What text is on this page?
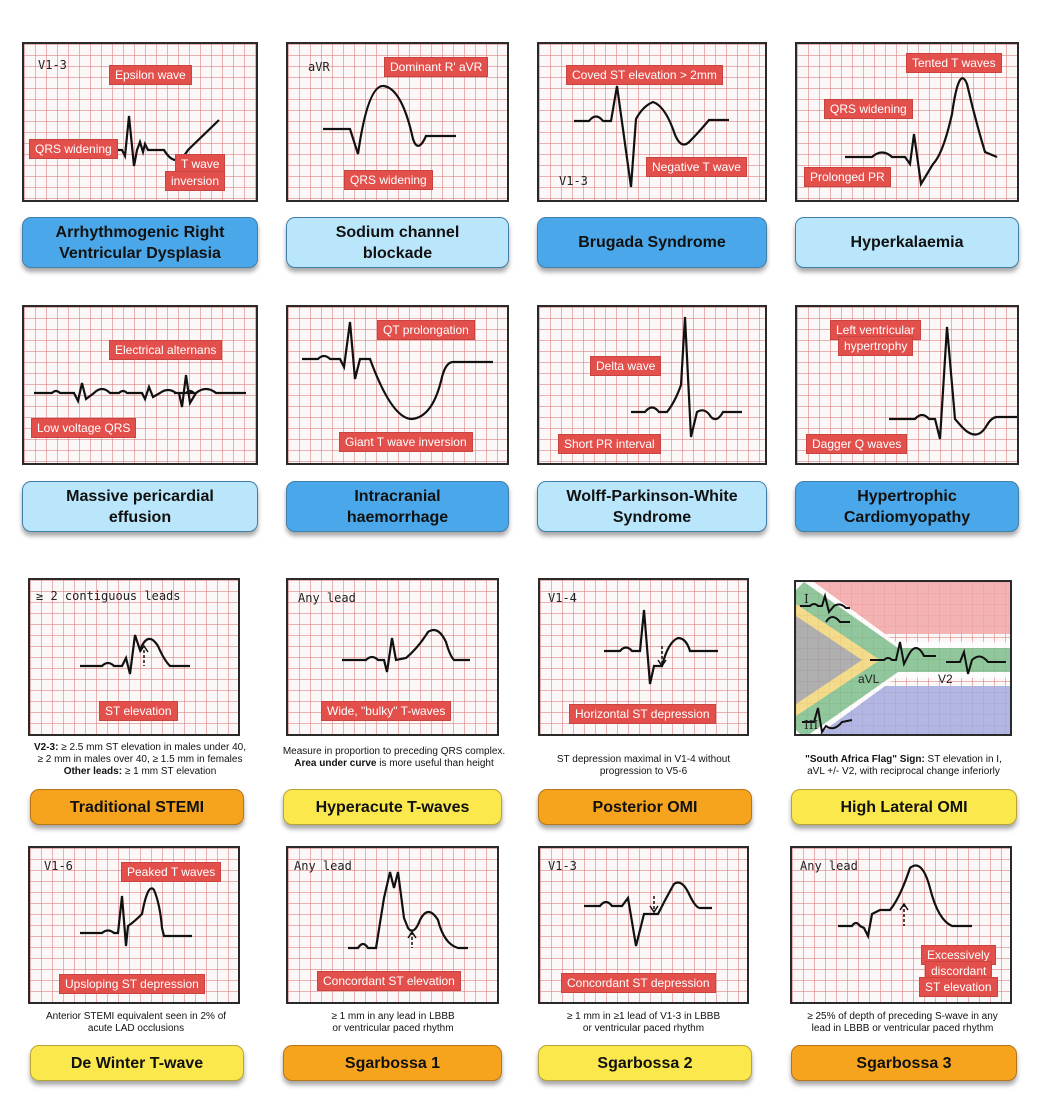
V1-3
Epsilon wave
QRS widening
T wave
inversion
Arrhythmogenic Right
Ventricular Dysplasia
aVR	Dominant R' aVR
QRS widening
Sodium channel
blockade
V1-3
Coved ST elevation > 2mm
Negative T wave
Brugada Syndrome
Tented T waves
QRS widening
Prolonged PR
Hyperkalaemia
Electrical alternans
Low voltage QRS
Massive pericardial
effusion
QT prolongation
Giant T wave inversion
Intracranial
haemorrhage
Delta wave
Short PR interval
Wolff-Parkinson-White
Syndrome
Left ventricular
hypertrophy
Dagger Q waves
Hypertrophic
Cardiomyopathy
≥ 2 contiguous leads
ST elevation
V2-3: ≥ 2.5 mm ST elevation in males under 40,
≥ 2 mm in males over 40, ≥ 1.5 mm in females
Other leads: ≥ 1 mm ST elevation
Traditional STEMI
Any lead
Wide, "bulky" T-waves
Measure in proportion to preceding QRS complex.
Area under curve is more useful than height
Hyperacute T-waves
V1-4
Horizontal ST depression
ST depression maximal in V1-4 without
progression to V5-6
Posterior OMI
I
aVL	V2
III
"South Africa Flag" Sign: ST elevation in I,
aVL +/- V2, with reciprocal change inferiorly
High Lateral OMI
V1-6	Peaked T waves
Upsloping ST depression
Anterior STEMI equivalent seen in 2% of
acute LAD occlusions
De Winter T-wave
Any lead
Concordant ST elevation
≥ 1 mm in any lead in LBBB
or ventricular paced rhythm
Sgarbossa 1
V1-3
Concordant ST depression
≥ 1 mm in ≥1 lead of V1-3 in LBBB
or ventricular paced rhythm
Sgarbossa 2
Any lead
Excessively
discordant
ST elevation
≥ 25% of depth of preceding S-wave in any
lead in LBBB or ventricular paced rhythm
Sgarbossa 3
